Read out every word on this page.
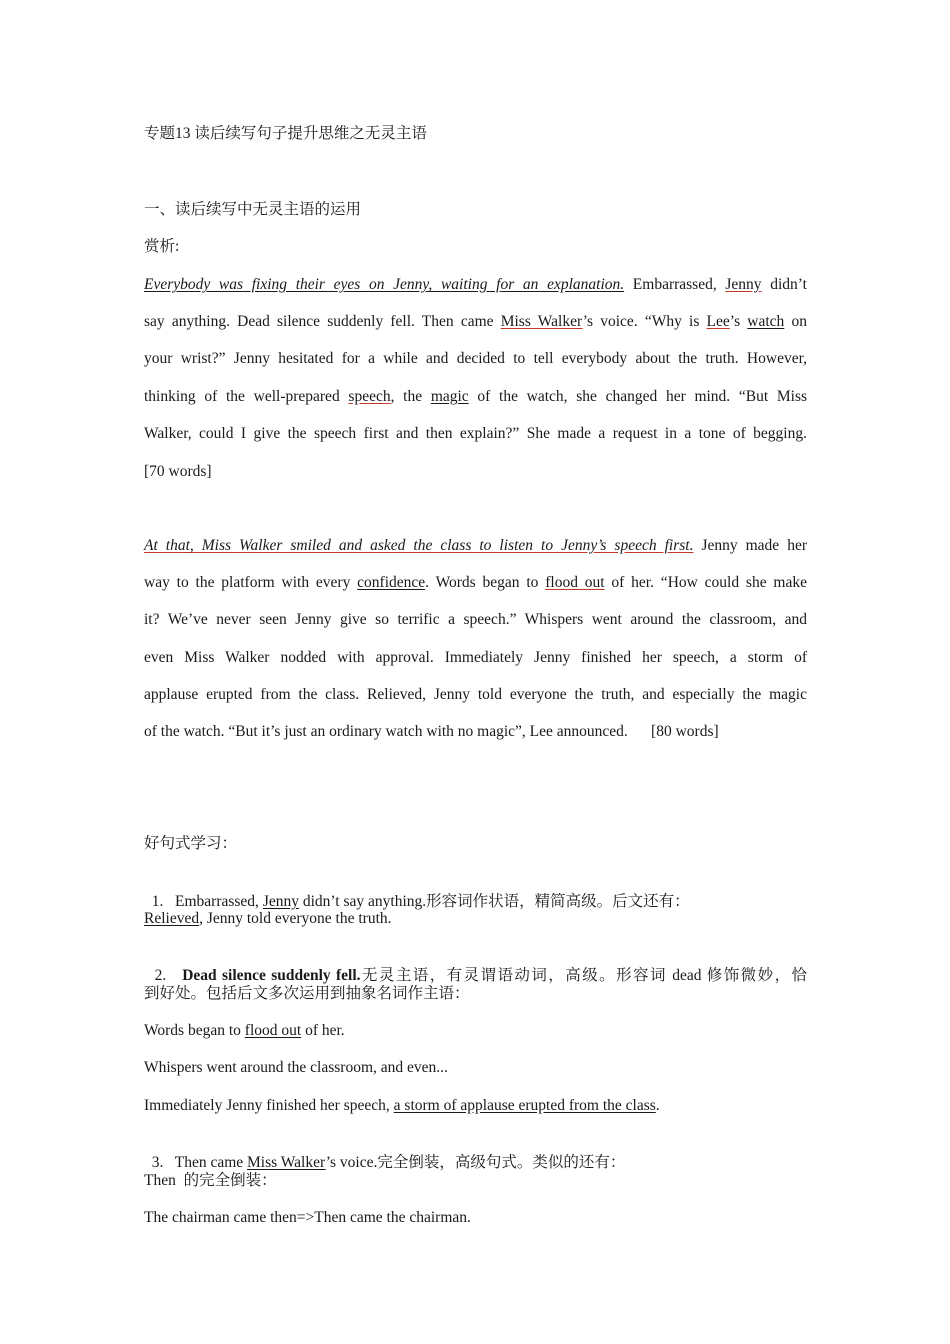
专题13 读后续写句子提升思维之无灵主语
一、读后续写中无灵主语的运用
赏析:
Everybody was fixing their eyes on Jenny, waiting for an explanation. Embarrassed, Jenny didn’t
say anything. Dead silence suddenly fell. Then came Miss Walker’s voice. “Why is Lee’s watch on
your wrist?” Jenny hesitated for a while and decided to tell everybody about the truth. However,
thinking of the well-prepared speech, the magic of the watch, she changed her mind. “But Miss
Walker, could I give the speech first and then explain?” She made a request in a tone of begging.
[70 words]
At that, Miss Walker smiled and asked the class to listen to Jenny’s speech first. Jenny made her
way to the platform with every confidence. Words began to flood out of her. “How could she make
it? We’ve never seen Jenny give so terrific a speech.” Whispers went around the classroom, and
even Miss Walker nodded with approval. Immediately Jenny finished her speech, a storm of
applause erupted from the class. Relieved, Jenny told everyone the truth, and especially the magic
of the watch. “But it’s just an ordinary watch with no magic”, Lee announced.      [80 words]
好句式学习：

1.   Embarrassed, Jenny didn’t say anything.形容词作状语，精简高级。后文还有：

Relieved, Jenny told everyone the truth.

2.   Dead silence suddenly fell.无灵主语，有灵谓语动词，高级。形容词 dead 修饰微妙，恰

到好处。包括后文多次运用到抽象名词作主语：
Words began to flood out of her.
Whispers went around the classroom, and even...
Immediately Jenny finished her speech, a storm of applause erupted from the class.

3.   Then came Miss Walker’s voice.完全倒装，高级句式。类似的还有：

Then  的完全倒装：
The chairman came then=>Then came the chairman.
